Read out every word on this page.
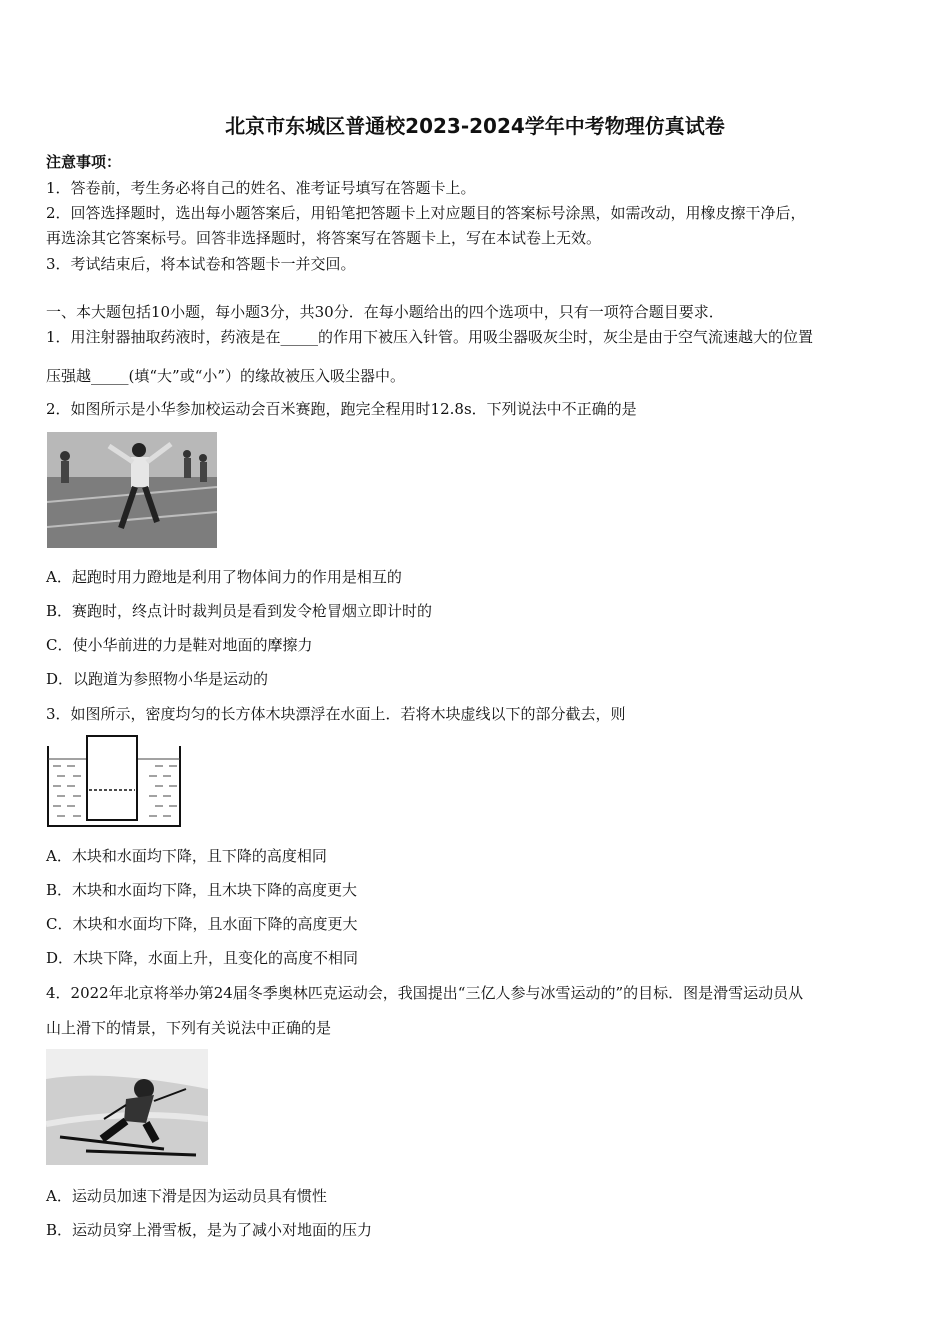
北京市东城区普通校2023-2024学年中考物理仿真试卷
注意事项：
1．答卷前，考生务必将自己的姓名、准考证号填写在答题卡上。
2．回答选择题时，选出每小题答案后，用铅笔把答题卡上对应题目的答案标号涂黑，如需改动，用橡皮擦干净后，
再选涂其它答案标号。回答非选择题时，将答案写在答题卡上，写在本试卷上无效。
3．考试结束后，将本试卷和答题卡一并交回。
一、本大题包括10小题，每小题3分，共30分．在每小题给出的四个选项中，只有一项符合题目要求．
1．用注射器抽取药液时，药液是在_____的作用下被压入针管。用吸尘器吸灰尘时，灰尘是由于空气流速越大的位置
压强越_____(填“大”或“小”）的缘故被压入吸尘器中。
2．如图所示是小华参加校运动会百米赛跑，跑完全程用时12.8s．下列说法中不正确的是
A．起跑时用力蹬地是利用了物体间力的作用是相互的
B．赛跑时，终点计时裁判员是看到发令枪冒烟立即计时的
C．使小华前进的力是鞋对地面的摩擦力
D．以跑道为参照物小华是运动的
3．如图所示，密度均匀的长方体木块漂浮在水面上．若将木块虚线以下的部分截去，则
A．木块和水面均下降，且下降的高度相同
B．木块和水面均下降，且木块下降的高度更大
C．木块和水面均下降，且水面下降的高度更大
D．木块下降，水面上升，且变化的高度不相同
4．2022年北京将举办第24届冬季奥林匹克运动会，我国提出“三亿人参与冰雪运动的”的目标．图是滑雪运动员从
山上滑下的情景，下列有关说法中正确的是
A．运动员加速下滑是因为运动员具有惯性
B．运动员穿上滑雪板，是为了减小对地面的压力
